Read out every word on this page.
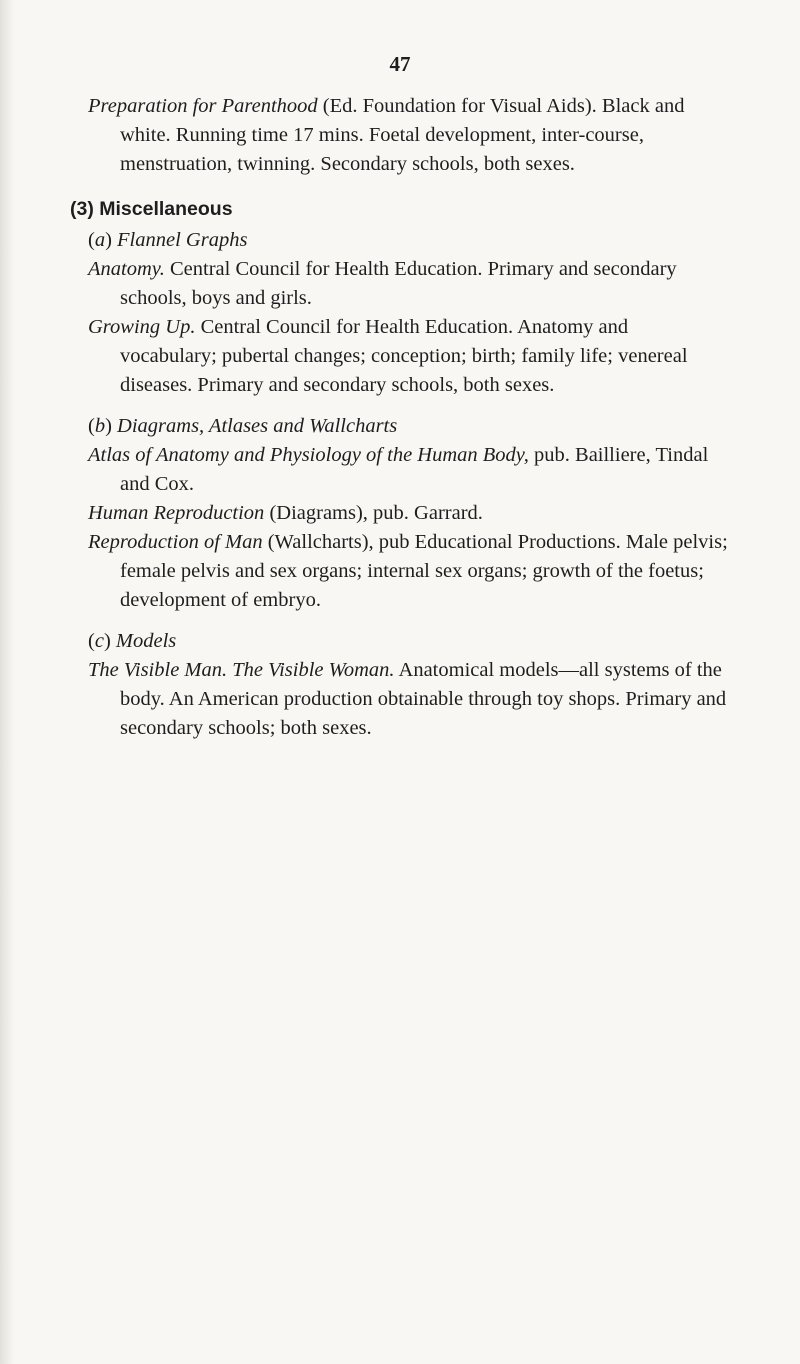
47

Preparation for Parenthood (Ed. Foundation for Visual Aids). Black and white. Running time 17 mins. Foetal development, inter-course, menstruation, twinning. Secondary schools, both sexes.

(3) Miscellaneous

(a) Flannel Graphs

Anatomy. Central Council for Health Education. Primary and secondary schools, boys and girls.

Growing Up. Central Council for Health Education. Anatomy and vocabulary; pubertal changes; conception; birth; family life; venereal diseases. Primary and secondary schools, both sexes.

(b) Diagrams, Atlases and Wallcharts

Atlas of Anatomy and Physiology of the Human Body, pub. Bailliere, Tindal and Cox.

Human Reproduction (Diagrams), pub. Garrard.

Reproduction of Man (Wallcharts), pub Educational Productions. Male pelvis; female pelvis and sex organs; internal sex organs; growth of the foetus; development of embryo.

(c) Models

The Visible Man. The Visible Woman. Anatomical models—all systems of the body. An American production obtainable through toy shops. Primary and secondary schools; both sexes.
